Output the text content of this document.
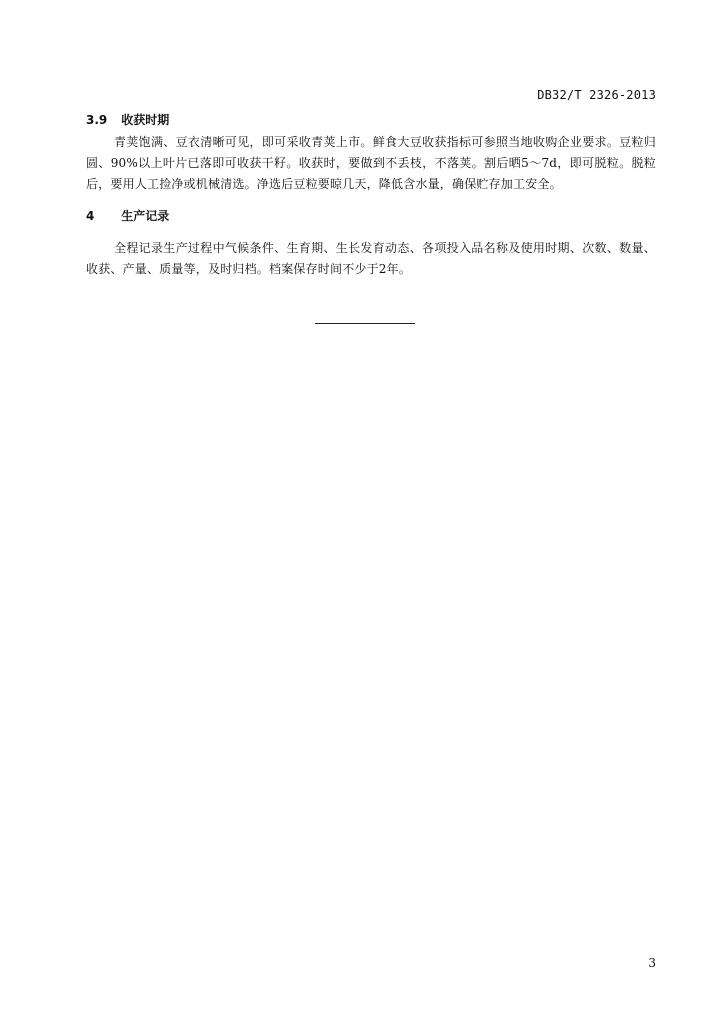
DB32/T 2326-2013
3.9 收获时期

青荚饱满、豆衣清晰可见，即可采收青荚上市。鲜食大豆收获指标可参照当地收购企业要求。豆粒归圆、90%以上叶片已落即可收获干籽。收获时，要做到不丢枝，不落荚。割后晒5～7d，即可脱粒。脱粒后，要用人工捡净或机械清选。净选后豆粒要晾几天，降低含水量，确保贮存加工安全。

4 生产记录

全程记录生产过程中气候条件、生育期、生长发育动态、各项投入品名称及使用时期、次数、数量、收获、产量、质量等，及时归档。档案保存时间不少于2年。

3
